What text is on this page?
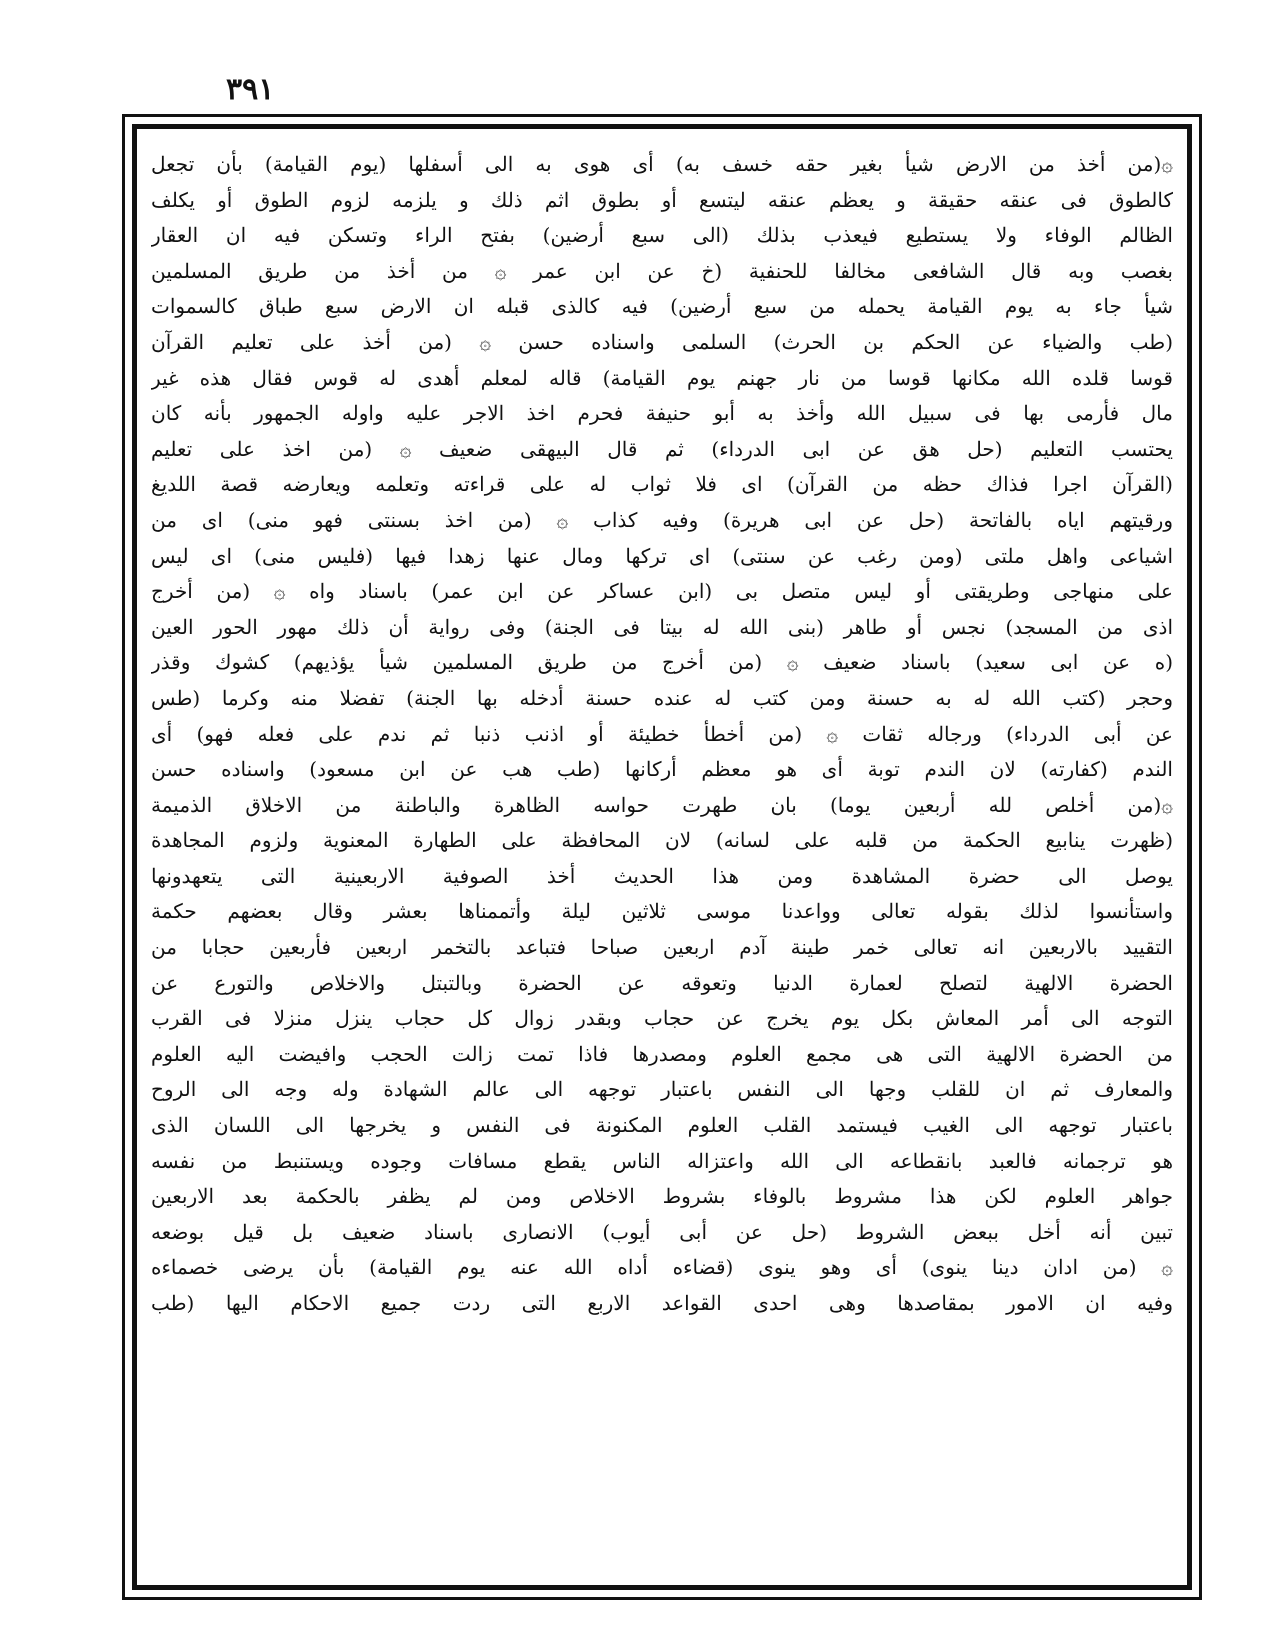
٣٩١
۞(من أخذ من الارض شيأ بغير حقه خسف به) أى هوى به الى أسفلها (يوم القيامة) بأن تجعل
كالطوق فى عنقه حقيقة و يعظم عنقه ليتسع أو بطوق اثم ذلك و يلزمه لزوم الطوق أو يكلف
الظالم الوفاء ولا يستطيع فيعذب بذلك (الى سبع أرضين) بفتح الراء وتسكن فيه ان العقار
بغصب وبه قال الشافعى مخالفا للحنفية (خ عن ابن عمر ۞ من أخذ من طريق المسلمين
شيأ جاء به يوم القيامة يحمله من سبع أرضين) فيه كالذى قبله ان الارض سبع طباق كالسموات
(طب والضياء عن الحكم بن الحرث) السلمى واسناده حسن ۞ (من أخذ على تعليم القرآن
قوسا قلده الله مكانها قوسا من نار جهنم يوم القيامة) قاله لمعلم أهدى له قوس فقال هذه غير
مال فأرمى بها فى سبيل الله وأخذ به أبو حنيفة فحرم اخذ الاجر عليه واوله الجمهور بأنه كان
يحتسب التعليم (حل هق عن ابى الدرداء) ثم قال البيهقى ضعيف ۞ (من اخذ على تعليم
(القرآن اجرا فذاك حظه من القرآن) اى فلا ثواب له على قراءته وتعلمه ويعارضه قصة اللديغ
ورقيتهم اياه بالفاتحة (حل عن ابى هريرة) وفيه كذاب ۞ (من اخذ بسنتى فهو منى) اى من
اشياعى واهل ملتى (ومن رغب عن سنتى) اى تركها ومال عنها زهدا فيها (فليس منى) اى ليس
على منهاجى وطريقتى أو ليس متصل بى (ابن عساكر عن ابن عمر) باسناد واه ۞ (من أخرج
اذى من المسجد) نجس أو طاهر (بنى الله له بيتا فى الجنة) وفى رواية أن ذلك مهور الحور العين
(ه عن ابى سعيد) باسناد ضعيف ۞ (من أخرج من طريق المسلمين شيأ يؤذيهم) كشوك وقذر
وحجر (كتب الله له به حسنة ومن كتب له عنده حسنة أدخله بها الجنة) تفضلا منه وكرما (طس
عن أبى الدرداء) ورجاله ثقات ۞ (من أخطأ خطيئة أو اذنب ذنبا ثم ندم على فعله فهو) أى
الندم (كفارته) لان الندم توبة أى هو معظم أركانها (طب هب عن ابن مسعود) واسناده حسن
۞(من أخلص لله أربعين يوما) بان طهرت حواسه الظاهرة والباطنة من الاخلاق الذميمة
(ظهرت ينابيع الحكمة من قلبه على لسانه) لان المحافظة على الطهارة المعنوية ولزوم المجاهدة
يوصل الى حضرة المشاهدة ومن هذا الحديث أخذ الصوفية الاربعينية التى يتعهدونها
واستأنسوا لذلك بقوله تعالى وواعدنا موسى ثلاثين ليلة وأتممناها بعشر وقال بعضهم حكمة
التقييد بالاربعين انه تعالى خمر طينة آدم اربعين صباحا فتباعد بالتخمر اربعين فأربعين حجابا من
الحضرة الالهية لتصلح لعمارة الدنيا وتعوقه عن الحضرة وبالتبتل والاخلاص والتورع عن
التوجه الى أمر المعاش بكل يوم يخرج عن حجاب وبقدر زوال كل حجاب ينزل منزلا فى القرب
من الحضرة الالهية التى هى مجمع العلوم ومصدرها فاذا تمت زالت الحجب وافيضت اليه العلوم
والمعارف ثم ان للقلب وجها الى النفس باعتبار توجهه الى عالم الشهادة وله وجه الى الروح
باعتبار توجهه الى الغيب فيستمد القلب العلوم المكنونة فى النفس و يخرجها الى اللسان الذى
هو ترجمانه فالعبد بانقطاعه الى الله واعتزاله الناس يقطع مسافات وجوده ويستنبط من نفسه
جواهر العلوم لكن هذا مشروط بالوفاء بشروط الاخلاص ومن لم يظفر بالحكمة بعد الاربعين
تبين أنه أخل ببعض الشروط (حل عن أبى أيوب) الانصارى باسناد ضعيف بل قيل بوضعه
۞ (من ادان دينا ينوى) أى وهو ينوى (قضاءه أداه الله عنه يوم القيامة) بأن يرضى خصماءه
وفيه ان الامور بمقاصدها وهى احدى القواعد الاربع التى ردت جميع الاحكام اليها (طب
